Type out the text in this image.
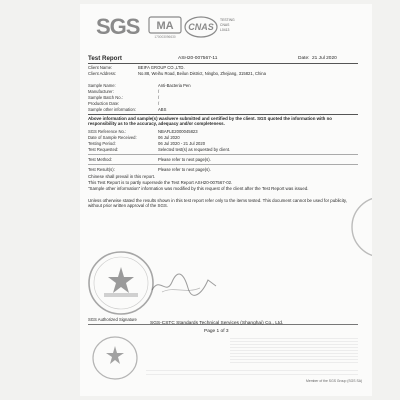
SGS	MA
170003096630
CNAS
TESTING
CNAS
L0413
Test Report	ASH20-007567-11	Date: 21 Jul 2020
Client Name:	BEIFA GROUP CO.,LTD.
Client Address:	No.88, Weihu Road, Beilun District, Ningbo, Zhejiang, 315821, China
Sample Name:	Anti-Bacteria Pen
Manufacturer:	/
Sample Batch No.:	/
Production Date:	/
Sample other information:	ABS
Above information and sample(s) was/were submitted and certified by the client. SGS quoted the information with no responsibility as to the accuracy, adequacy and/or completeness.
SGS Reference No.:	NBAFLE2000045823
Date of Sample Received:	06 Jul 2020
Testing Period:	06 Jul 2020 - 21 Jul 2020
Test Requested:	Selected test(s) as requested by client.
Test Method:	Please refer to next page(s).
Test Result(s):	Please refer to next page(s).
Chinese shall prevail in this report.
This Test Report is to partly supersede the Test Report ASH20-007567-02.
"Sample other information" information was modified by this request of the client after the Test Report was issued.
Unless otherwise stated the results shown in this test report refer only to the items tested. This document cannot be used for publicity, without prior written approval of the SGS.
SGS Authorized Signature
SGS-CSTC Standards Technical Services (Shanghai) Co., Ltd.
Page 1 of 3
Member of the SGS Group (SGS SA)
